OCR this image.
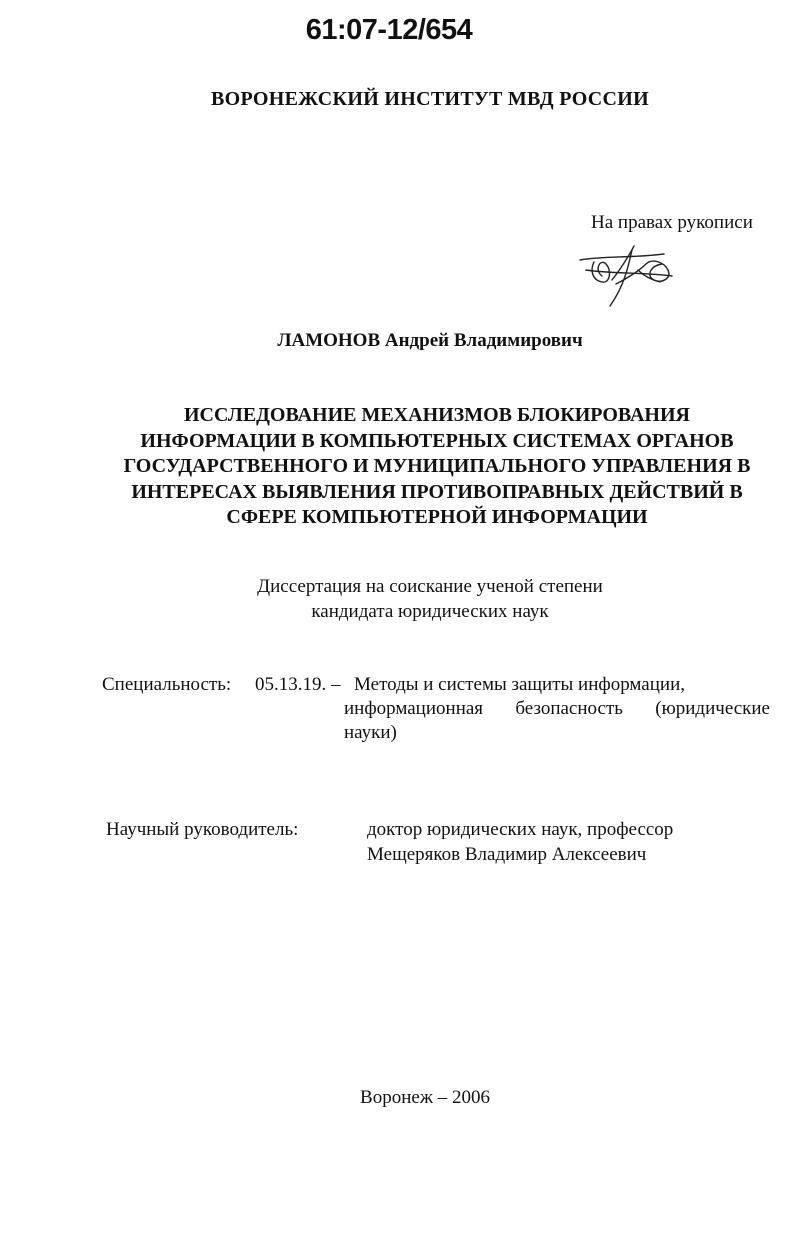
61:07-12/654
ВОРОНЕЖСКИЙ ИНСТИТУТ МВД РОССИИ
На правах рукописи
ЛАМОНОВ Андрей Владимирович
ИССЛЕДОВАНИЕ МЕХАНИЗМОВ БЛОКИРОВАНИЯ
ИНФОРМАЦИИ В КОМПЬЮТЕРНЫХ СИСТЕМАХ ОРГАНОВ
ГОСУДАРСТВЕННОГО И МУНИЦИПАЛЬНОГО УПРАВЛЕНИЯ В
ИНТЕРЕСАХ ВЫЯВЛЕНИЯ ПРОТИВОПРАВНЫХ ДЕЙСТВИЙ В
СФЕРЕ КОМПЬЮТЕРНОЙ ИНФОРМАЦИИ
Диссертация на соискание ученой степени
кандидата юридических наук
Специальность: 05.13.19. – Методы и системы защиты информации,
информационная безопасность (юридические
науки)
Научный руководитель:	доктор юридических наук, профессор
Мещеряков Владимир Алексеевич
Воронеж – 2006
